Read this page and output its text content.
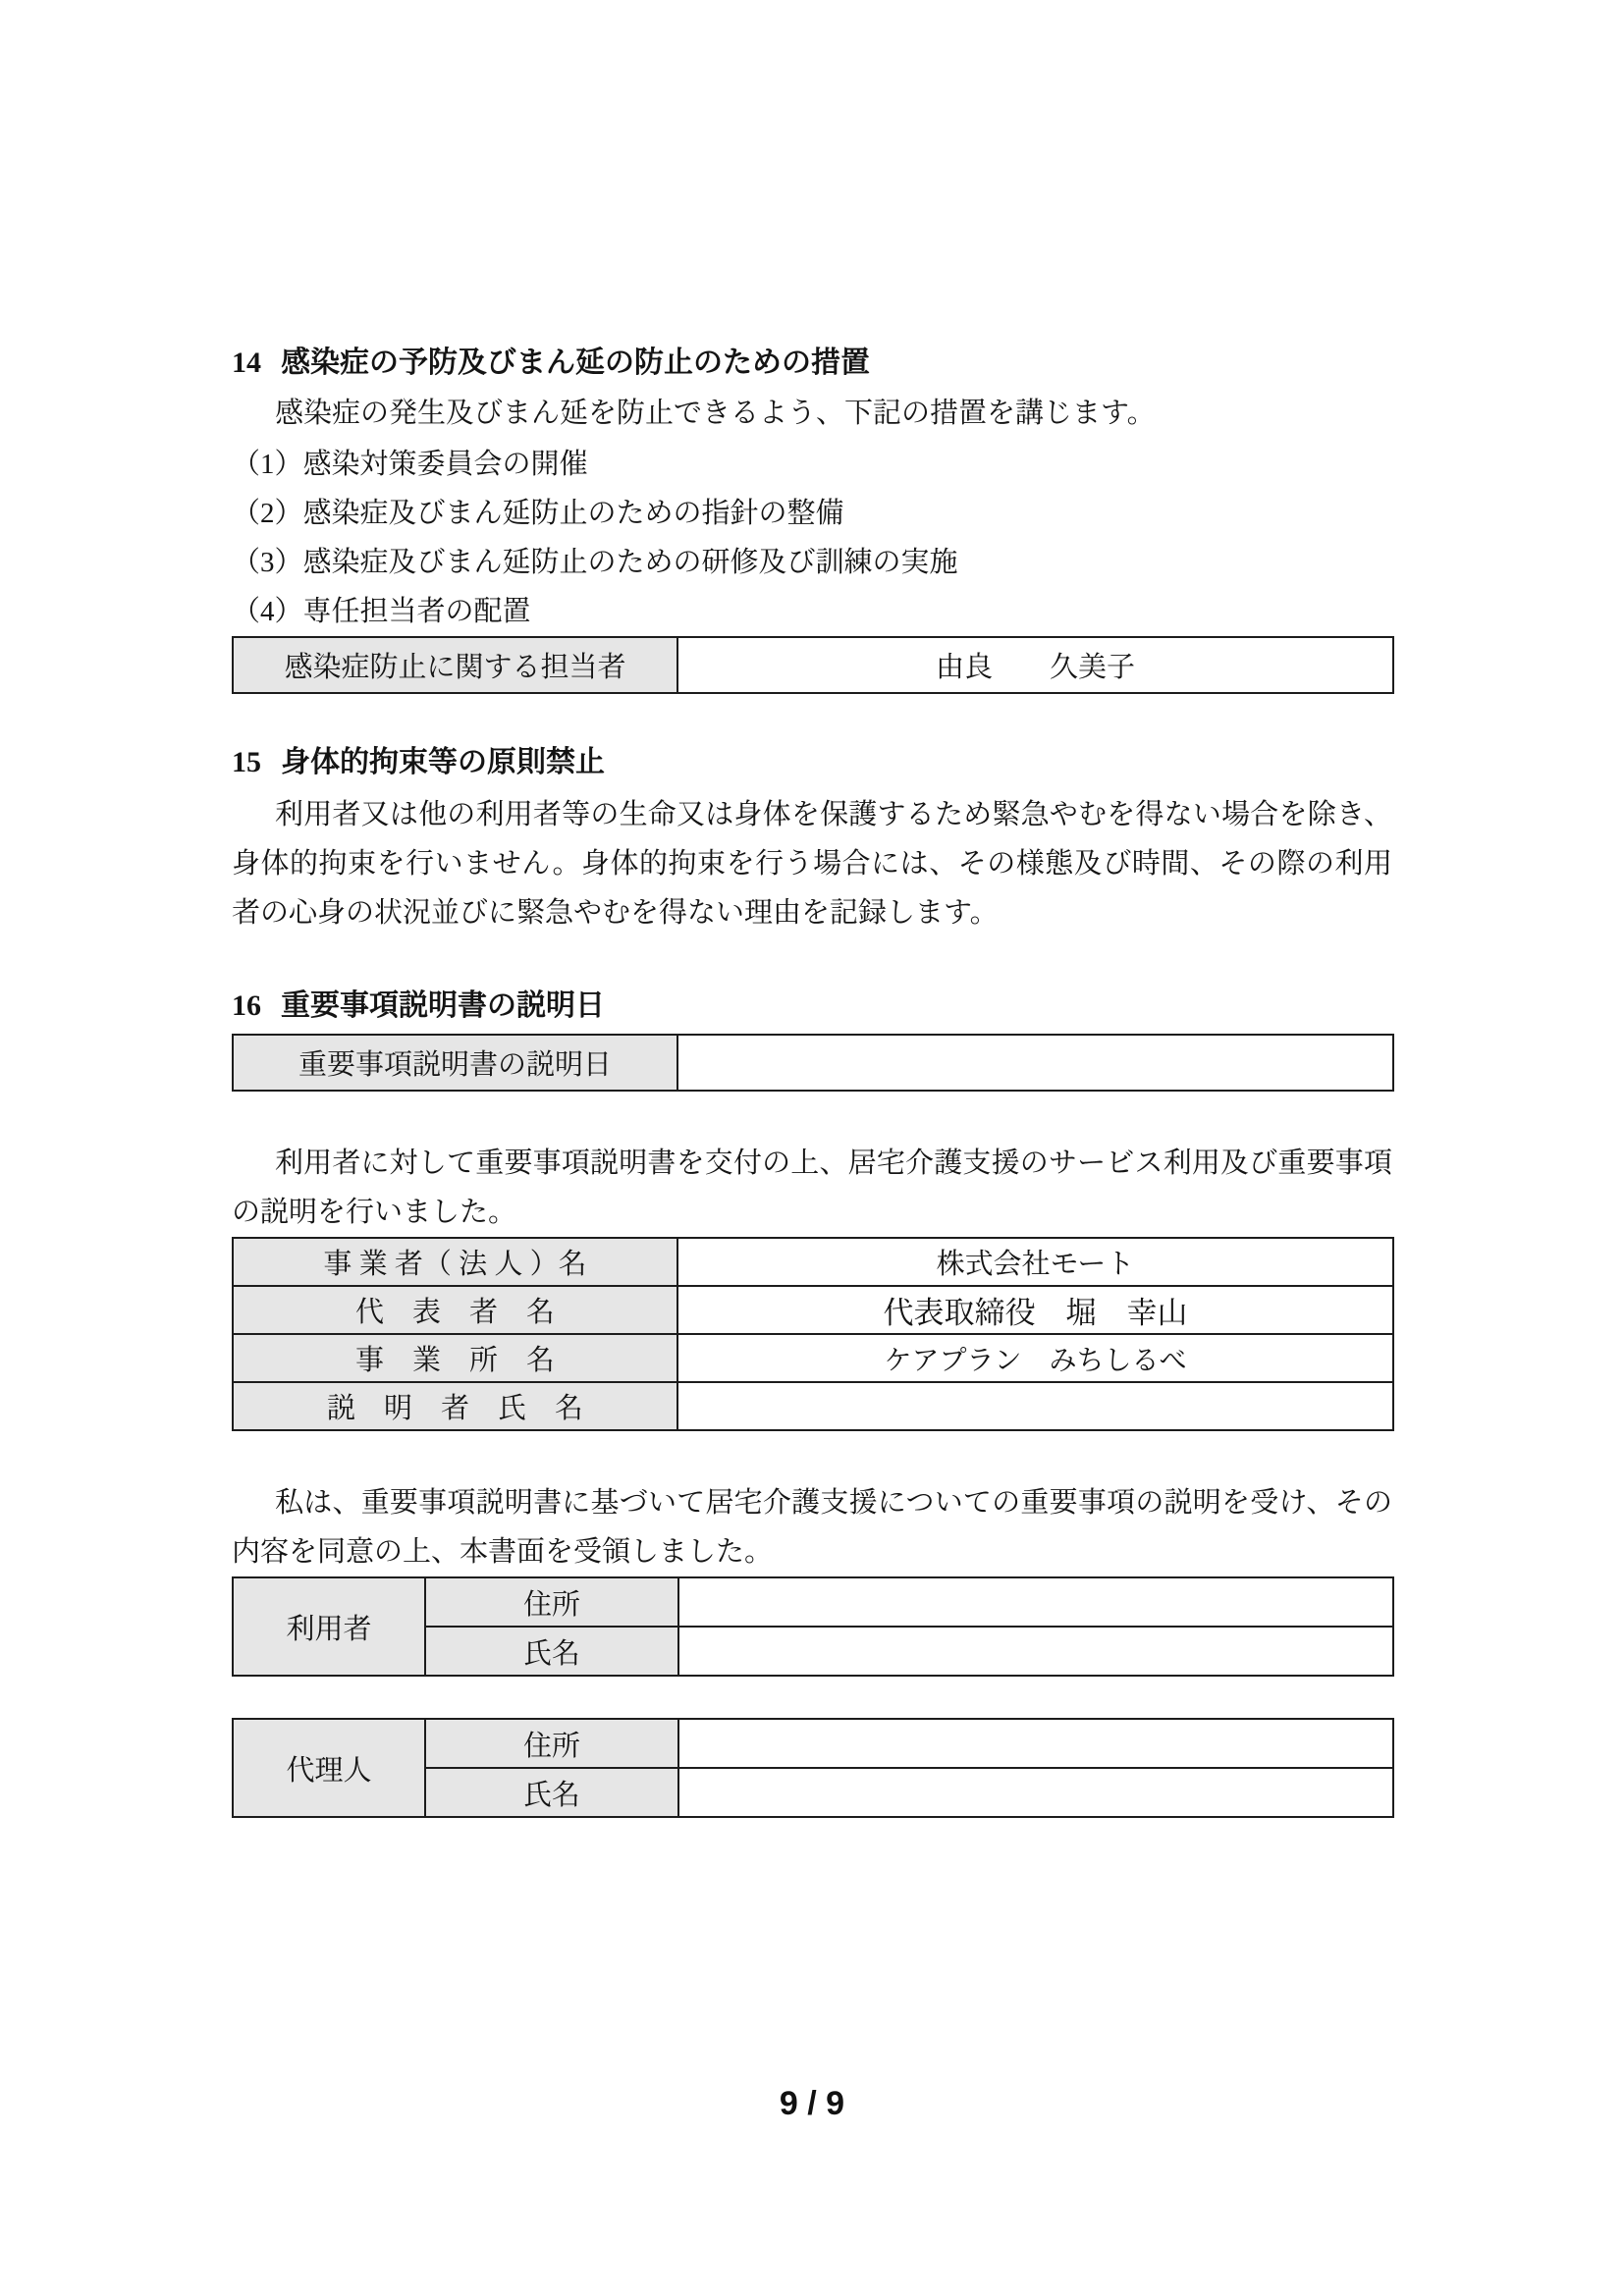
14 感染症の予防及びまん延の防止のための措置

感染症の発生及びまん延を防止できるよう、下記の措置を講じます。

（1）感染対策委員会の開催
（2）感染症及びまん延防止のための指針の整備
（3）感染症及びまん延防止のための研修及び訓練の実施
（4）専任担当者の配置
感染症防止に関する担当者	由良　　久美子
15 身体的拘束等の原則禁止

利用者又は他の利用者等の生命又は身体を保護するため緊急やむを得ない場合を除き、身体的拘束を行いません。身体的拘束を行う場合には、その様態及び時間、その際の利用者の心身の状況並びに緊急やむを得ない理由を記録します。

16 重要事項説明書の説明日
重要事項説明書の説明日	

利用者に対して重要事項説明書を交付の上、居宅介護支援のサービス利用及び重要事項の説明を行いました。

事 業 者（ 法 人 ）名	株式会社モート
代　表　者　名	代表取締役　堀　幸山
事　業　所　名	ケアプラン　みちしるべ
説　明　者　氏　名	

私は、重要事項説明書に基づいて居宅介護支援についての重要事項の説明を受け、その内容を同意の上、本書面を受領しました。

利用者	住所	
	氏名	
代理人	住所	
	氏名	
9 / 9
